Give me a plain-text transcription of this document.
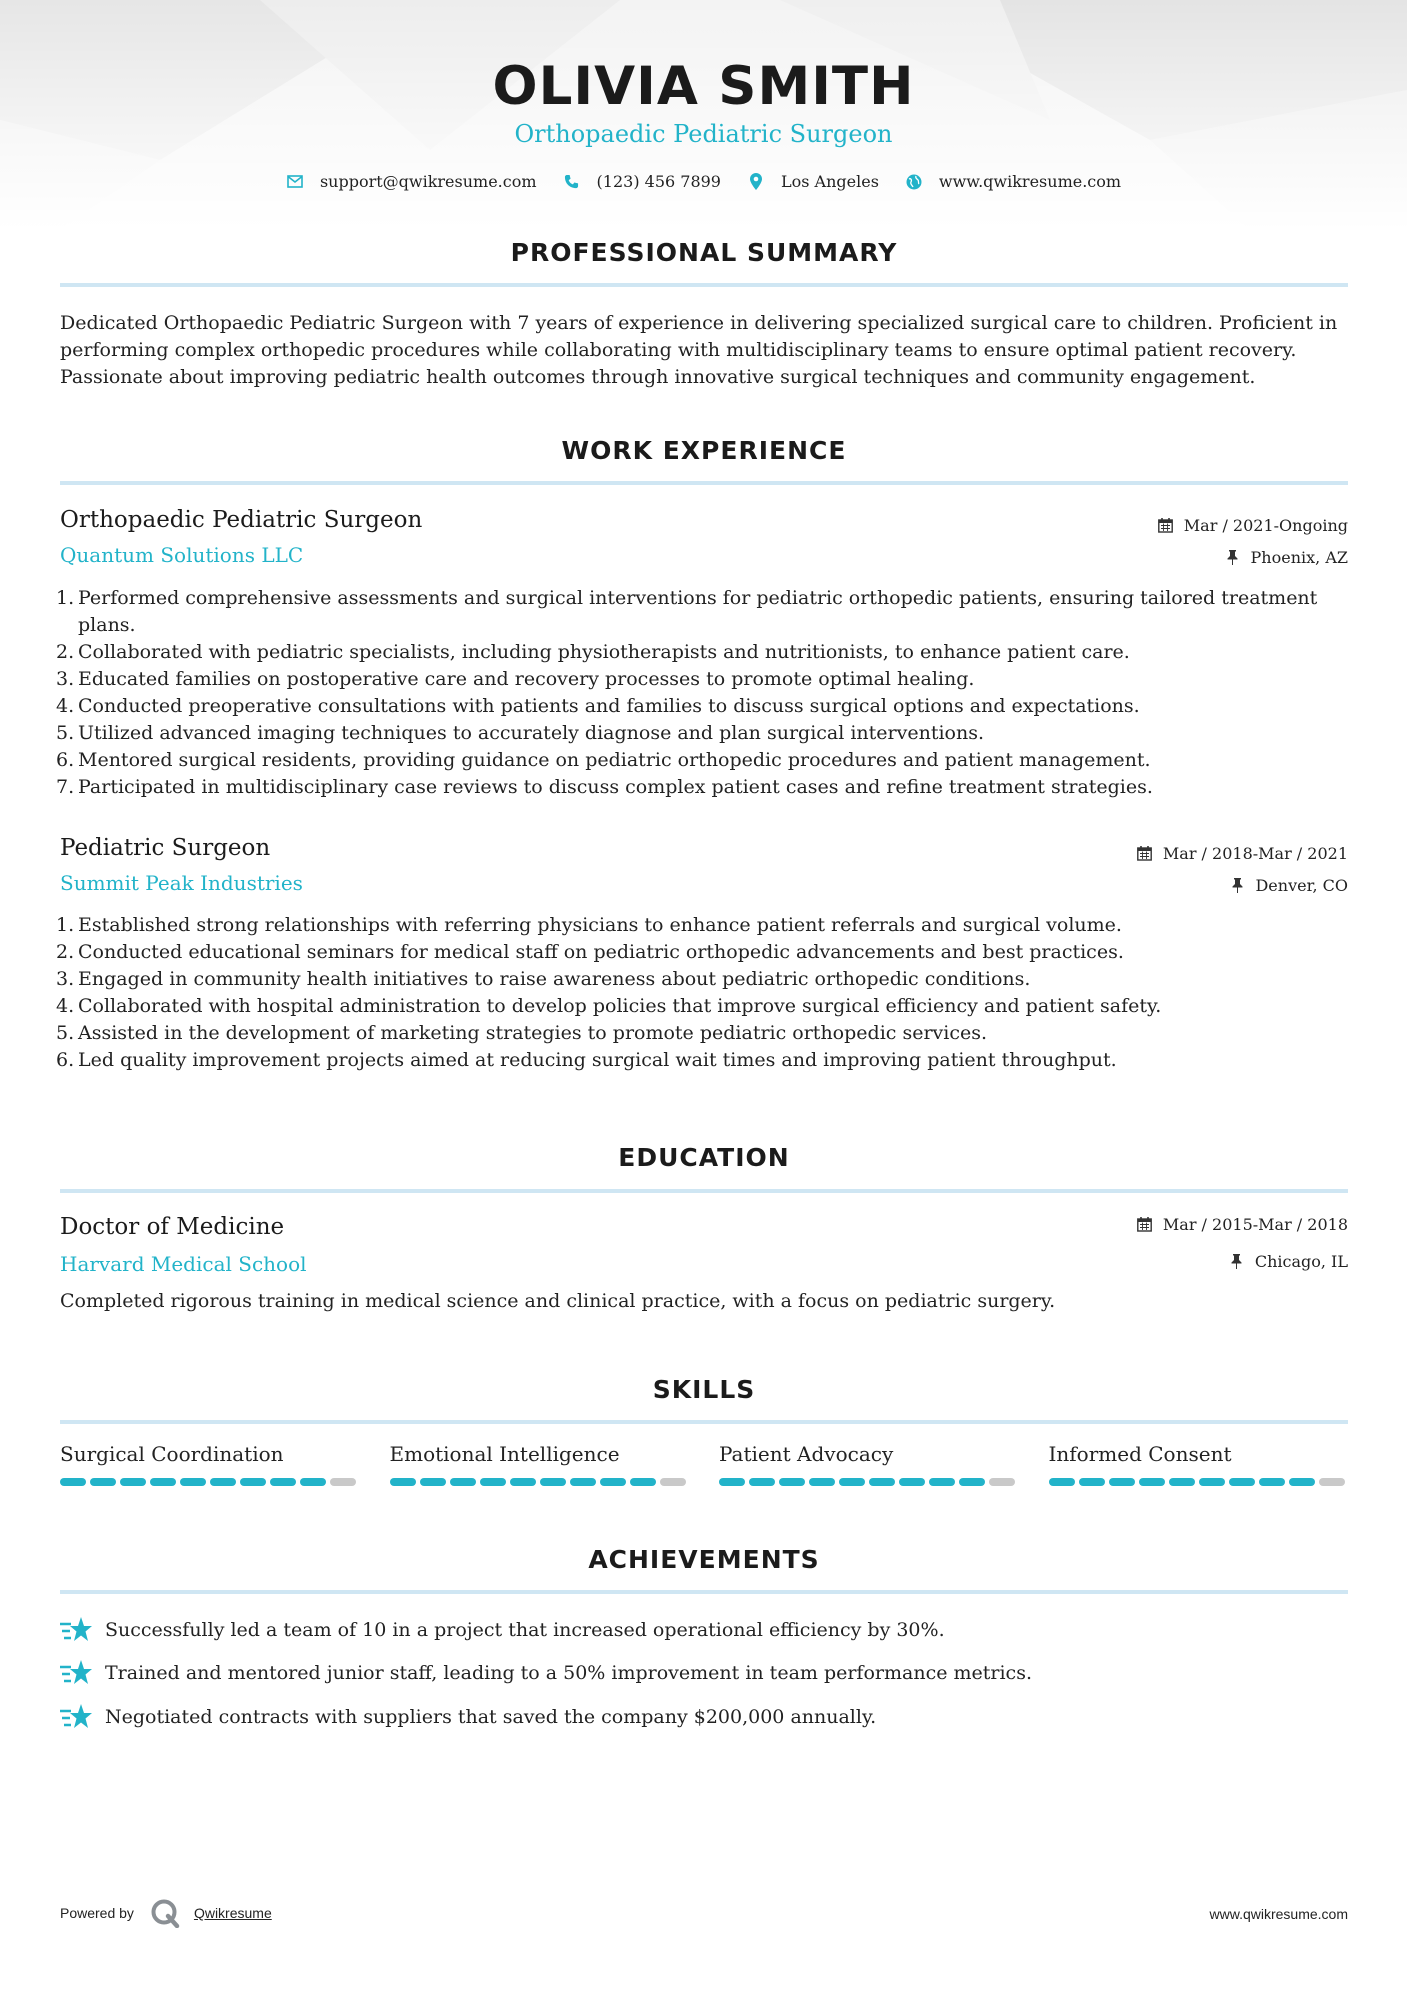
OLIVIA SMITH
Orthopaedic Pediatric Surgeon
support@qwikresume.com	(123) 456 7899	Los Angeles	www.qwikresume.com
PROFESSIONAL SUMMARY
Dedicated Orthopaedic Pediatric Surgeon with 7 years of experience in delivering specialized surgical care to children. Proficient in performing complex orthopedic procedures while collaborating with multidisciplinary teams to ensure optimal patient recovery. Passionate about improving pediatric health outcomes through innovative surgical techniques and community engagement.
WORK EXPERIENCE
Orthopaedic Pediatric Surgeon
Quantum Solutions LLC
Mar / 2021-Ongoing
Phoenix, AZ
1. Performed comprehensive assessments and surgical interventions for pediatric orthopedic patients, ensuring tailored treatment plans.
2. Collaborated with pediatric specialists, including physiotherapists and nutritionists, to enhance patient care.
3. Educated families on postoperative care and recovery processes to promote optimal healing.
4. Conducted preoperative consultations with patients and families to discuss surgical options and expectations.
5. Utilized advanced imaging techniques to accurately diagnose and plan surgical interventions.
6. Mentored surgical residents, providing guidance on pediatric orthopedic procedures and patient management.
7. Participated in multidisciplinary case reviews to discuss complex patient cases and refine treatment strategies.
Pediatric Surgeon
Summit Peak Industries
Mar / 2018-Mar / 2021
Denver, CO
1. Established strong relationships with referring physicians to enhance patient referrals and surgical volume.
2. Conducted educational seminars for medical staff on pediatric orthopedic advancements and best practices.
3. Engaged in community health initiatives to raise awareness about pediatric orthopedic conditions.
4. Collaborated with hospital administration to develop policies that improve surgical efficiency and patient safety.
5. Assisted in the development of marketing strategies to promote pediatric orthopedic services.
6. Led quality improvement projects aimed at reducing surgical wait times and improving patient throughput.
EDUCATION
Doctor of Medicine
Harvard Medical School
Mar / 2015-Mar / 2018
Chicago, IL
Completed rigorous training in medical science and clinical practice, with a focus on pediatric surgery.
SKILLS
Surgical Coordination	Emotional Intelligence	Patient Advocacy	Informed Consent
ACHIEVEMENTS
Successfully led a team of 10 in a project that increased operational efficiency by 30%.
Trained and mentored junior staff, leading to a 50% improvement in team performance metrics.
Negotiated contracts with suppliers that saved the company $200,000 annually.
Powered by	Qwikresume	www.qwikresume.com
